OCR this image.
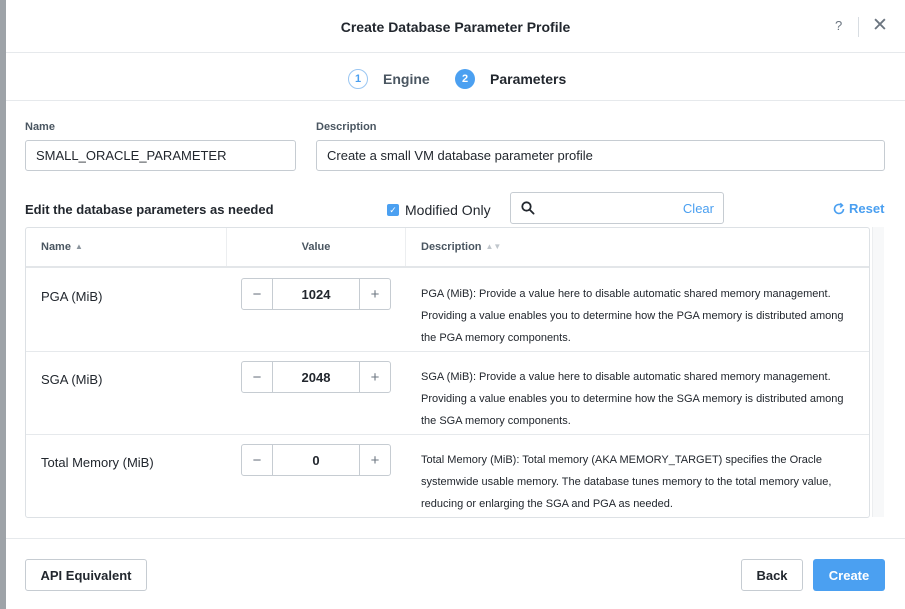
Create Database Parameter Profile	? ✕
1	Engine	2	Parameters
Name
SMALL_ORACLE_PARAMETER
Description
Create a small VM database parameter profile
Edit the database parameters as needed	✓ Modified Only	Clear	Reset
Name ▲	Value	Description ▲▼
PGA (MiB)	−	1024	+	PGA (MiB): Provide a value here to disable automatic shared memory management. Providing a value enables you to determine how the PGA memory is distributed among the PGA memory components.
SGA (MiB)	−	2048	+	SGA (MiB): Provide a value here to disable automatic shared memory management. Providing a value enables you to determine how the SGA memory is distributed among the SGA memory components.
Total Memory (MiB)	−	0	+	Total Memory (MiB): Total memory (AKA MEMORY_TARGET) specifies the Oracle systemwide usable memory. The database tunes memory to the total memory value, reducing or enlarging the SGA and PGA as needed.
API Equivalent	Back	Create
